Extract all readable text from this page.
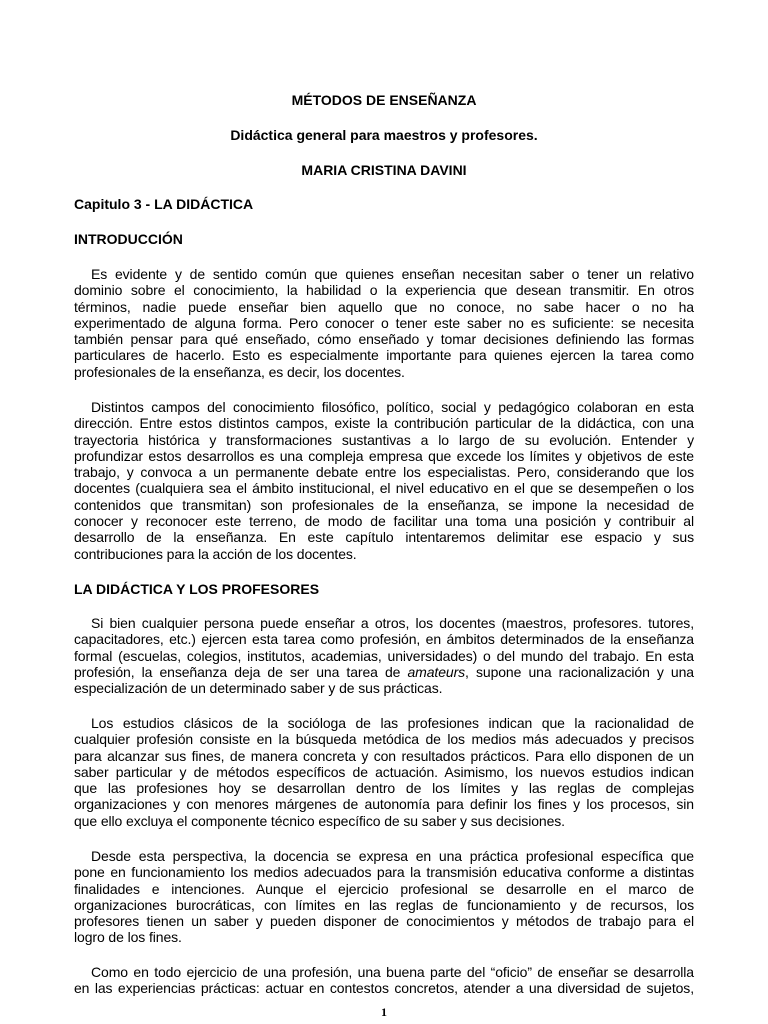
MÉTODOS DE ENSEÑANZA
Didáctica general para maestros y profesores.
MARIA CRISTINA DAVINI
Capitulo 3 - LA DIDÁCTICA
INTRODUCCIÓN
Es evidente y de sentido común que quienes enseñan necesitan saber o tener un relativo
dominio sobre el conocimiento, la habilidad o la experiencia que desean transmitir. En otros
términos, nadie puede enseñar bien aquello que no conoce, no sabe hacer o no ha
experimentado de alguna forma. Pero conocer o tener este saber no es suficiente: se necesita
también pensar para qué enseñado, cómo enseñado y tomar decisiones definiendo las formas
particulares de hacerlo. Esto es especialmente importante para quienes ejercen la tarea como
profesionales de la enseñanza, es decir, los docentes.
Distintos campos del conocimiento filosófico, político, social y pedagógico colaboran en esta
dirección. Entre estos distintos campos, existe la contribución particular de la didáctica, con una
trayectoria histórica y transformaciones sustantivas a lo largo de su evolución. Entender y
profundizar estos desarrollos es una compleja empresa que excede los límites y objetivos de este
trabajo, y convoca a un permanente debate entre los especialistas. Pero, considerando que los
docentes (cualquiera sea el ámbito institucional, el nivel educativo en el que se desempeñen o los
contenidos que transmitan) son profesionales de la enseñanza, se impone la necesidad de
conocer y reconocer este terreno, de modo de facilitar una toma una posición y contribuir al
desarrollo de la enseñanza. En este capítulo intentaremos delimitar ese espacio y sus
contribuciones para la acción de los docentes.
LA DIDÁCTICA Y LOS PROFESORES
Si bien cualquier persona puede enseñar a otros, los docentes (maestros, profesores. tutores,
capacitadores, etc.) ejercen esta tarea como profesión, en ámbitos determinados de la enseñanza
formal (escuelas, colegios, institutos, academias, universidades) o del mundo del trabajo. En esta
profesión, la enseñanza deja de ser una tarea de amateurs, supone una racionalización y una
especialización de un determinado saber y de sus prácticas.
Los estudios clásicos de la socióloga de las profesiones indican que la racionalidad de
cualquier profesión consiste en la búsqueda metódica de los medios más adecuados y precisos
para alcanzar sus fines, de manera concreta y con resultados prácticos. Para ello disponen de un
saber particular y de métodos específicos de actuación. Asimismo, los nuevos estudios indican
que las profesiones hoy se desarrollan dentro de los límites y las reglas de complejas
organizaciones y con menores márgenes de autonomía para definir los fines y los procesos, sin
que ello excluya el componente técnico específico de su saber y sus decisiones.
Desde esta perspectiva, la docencia se expresa en una práctica profesional específica que
pone en funcionamiento los medios adecuados para la transmisión educativa conforme a distintas
finalidades e intenciones. Aunque el ejercicio profesional se desarrolle en el marco de
organizaciones burocráticas, con límites en las reglas de funcionamiento y de recursos, los
profesores tienen un saber y pueden disponer de conocimientos y métodos de trabajo para el
logro de los fines.
Como en todo ejercicio de una profesión, una buena parte del “oficio” de enseñar se desarrolla
en las experiencias prácticas: actuar en contestos concretos, atender a una diversidad de sujetos,
1
